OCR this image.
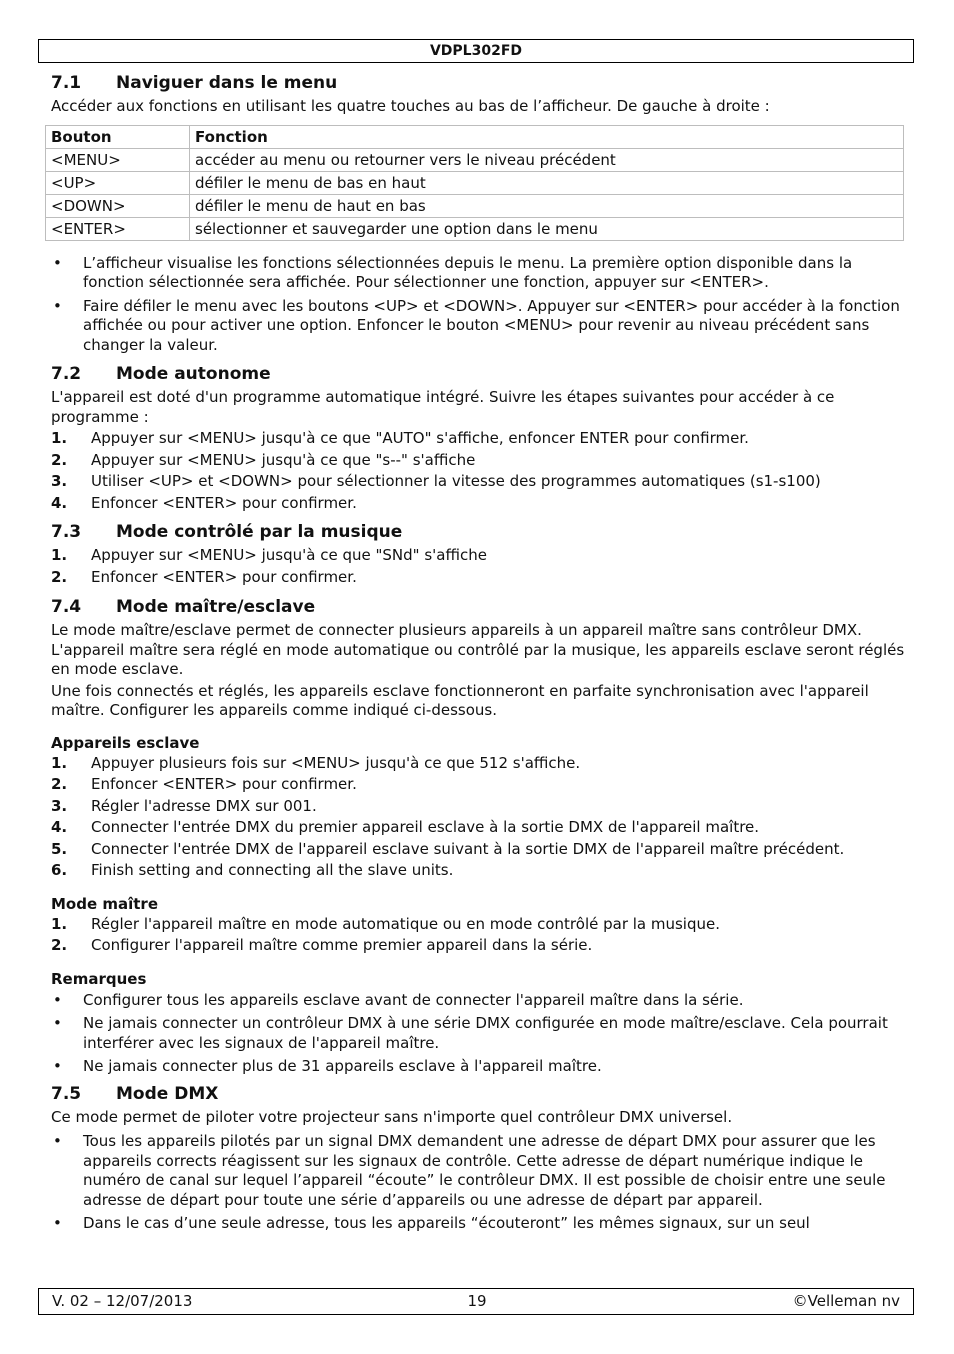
VDPL302FD
7.1 Naviguer dans le menu

Accéder aux fonctions en utilisant les quatre touches au bas de l’afficheur. De gauche à droite :

Bouton	Fonction
<MENU>	accéder au menu ou retourner vers le niveau précédent
<UP>	défiler le menu de bas en haut
<DOWN>	défiler le menu de haut en bas
<ENTER>	sélectionner et sauvegarder une option dans le menu
• L’afficheur visualise les fonctions sélectionnées depuis le menu. La première option disponible dans la fonction sélectionnée sera affichée. Pour sélectionner une fonction, appuyer sur <ENTER>.
• Faire défiler le menu avec les boutons <UP> et <DOWN>. Appuyer sur <ENTER> pour accéder à la fonction affichée ou pour activer une option. Enfoncer le bouton <MENU> pour revenir au niveau précédent sans changer la valeur.
7.2 Mode autonome

L'appareil est doté d'un programme automatique intégré. Suivre les étapes suivantes pour accéder à ce programme :

1. Appuyer sur <MENU> jusqu'à ce que "AUTO" s'affiche, enfoncer ENTER pour confirmer.
2. Appuyer sur <MENU> jusqu'à ce que "s--" s'affiche
3. Utiliser <UP> et <DOWN> pour sélectionner la vitesse des programmes automatiques (s1-s100)
4. Enfoncer <ENTER> pour confirmer.
7.3 Mode contrôlé par la musique
1. Appuyer sur <MENU> jusqu'à ce que "SNd" s'affiche
2. Enfoncer <ENTER> pour confirmer.
7.4 Mode maître/esclave

Le mode maître/esclave permet de connecter plusieurs appareils à un appareil maître sans contrôleur DMX. L'appareil maître sera réglé en mode automatique ou contrôlé par la musique, les appareils esclave seront réglés en mode esclave.

Une fois connectés et réglés, les appareils esclave fonctionneront en parfaite synchronisation avec l'appareil maître. Configurer les appareils comme indiqué ci-dessous.

Appareils esclave
1. Appuyer plusieurs fois sur <MENU> jusqu'à ce que 512 s'affiche.
2. Enfoncer <ENTER> pour confirmer.
3. Régler l'adresse DMX sur 001.
4. Connecter l'entrée DMX du premier appareil esclave à la sortie DMX de l'appareil maître.
5. Connecter l'entrée DMX de l'appareil esclave suivant à la sortie DMX de l'appareil maître précédent.
6. Finish setting and connecting all the slave units.
Mode maître
1. Régler l'appareil maître en mode automatique ou en mode contrôlé par la musique.
2. Configurer l'appareil maître comme premier appareil dans la série.
Remarques
• Configurer tous les appareils esclave avant de connecter l'appareil maître dans la série.
• Ne jamais connecter un contrôleur DMX à une série DMX configurée en mode maître/esclave. Cela pourrait interférer avec les signaux de l'appareil maître.
• Ne jamais connecter plus de 31 appareils esclave à l'appareil maître.
7.5 Mode DMX

Ce mode permet de piloter votre projecteur sans n'importe quel contrôleur DMX universel.

• Tous les appareils pilotés par un signal DMX demandent une adresse de départ DMX pour assurer que les appareils corrects réagissent sur les signaux de contrôle. Cette adresse de départ numérique indique le numéro de canal sur lequel l’appareil “écoute” le contrôleur DMX. Il est possible de choisir entre une seule adresse de départ pour toute une série d’appareils ou une adresse de départ par appareil.
• Dans le cas d’une seule adresse, tous les appareils “écouteront” les mêmes signaux, sur un seul
V. 02 – 12/07/2013	19	©Velleman nv
